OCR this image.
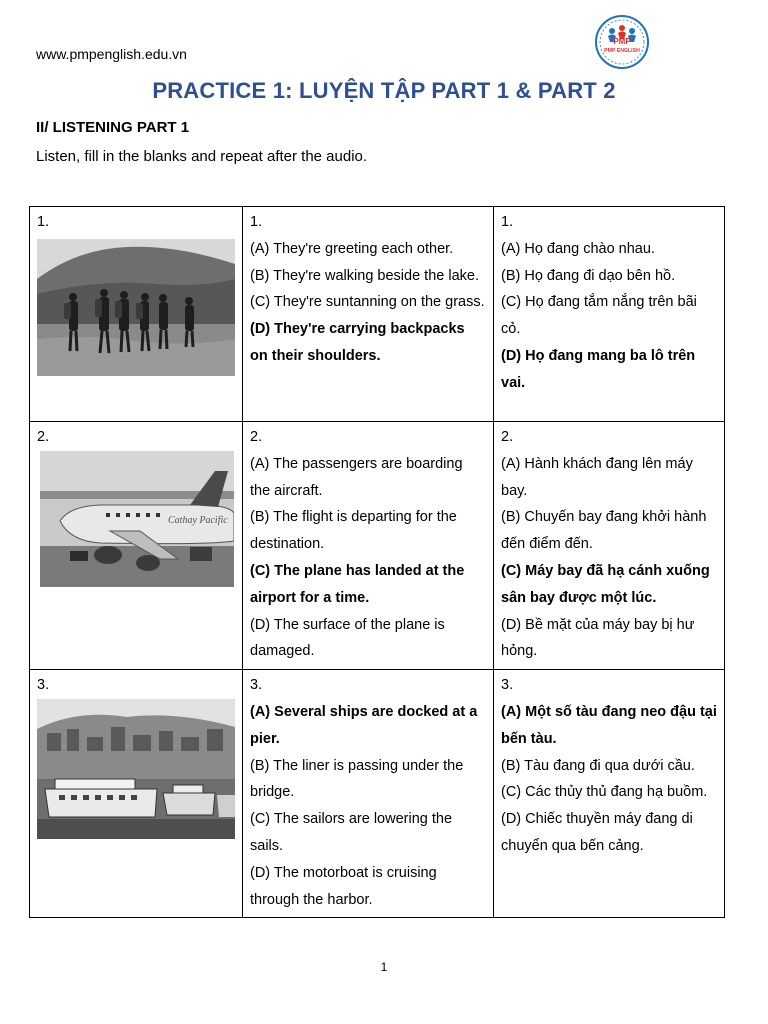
www.pmpenglish.edu.vn
PMP
PMP ENGLISH
PRACTICE 1: LUYỆN TẬP PART 1 & PART 2
II/ LISTENING PART 1
Listen, fill in the blanks and repeat after the audio.
1.	1.
(A) They're greeting each other.
(B) They're walking beside the lake.
(C) They're suntanning on the grass.
(D) They're carrying backpacks on their shoulders.	1.
(A) Họ đang chào nhau.
(B) Họ đang đi dạo bên hồ.
(C) Họ đang tắm nắng trên bãi cỏ.
(D) Họ đang mang ba lô trên vai.

2.
Cathay Pacific	2.
(A) The passengers are boarding the aircraft.
(B) The flight is departing for the destination.
(C) The plane has landed at the airport for a time.
(D) The surface of the plane is damaged.	2.
(A) Hành khách đang lên máy bay.
(B) Chuyến bay đang khởi hành đến điểm đến.
(C) Máy bay đã hạ cánh xuống sân bay được một lúc.
(D) Bề mặt của máy bay bị hư hỏng.

3.	3.
(A) Several ships are docked at a pier.
(B) The liner is passing under the bridge.
(C) The sailors are lowering the sails.
(D) The motorboat is cruising through the harbor.	3.
(A) Một số tàu đang neo đậu tại bến tàu.
(B) Tàu đang đi qua dưới cầu.
(C) Các thủy thủ đang hạ buồm.
(D) Chiếc thuyền máy đang di chuyển qua bến cảng.
1
